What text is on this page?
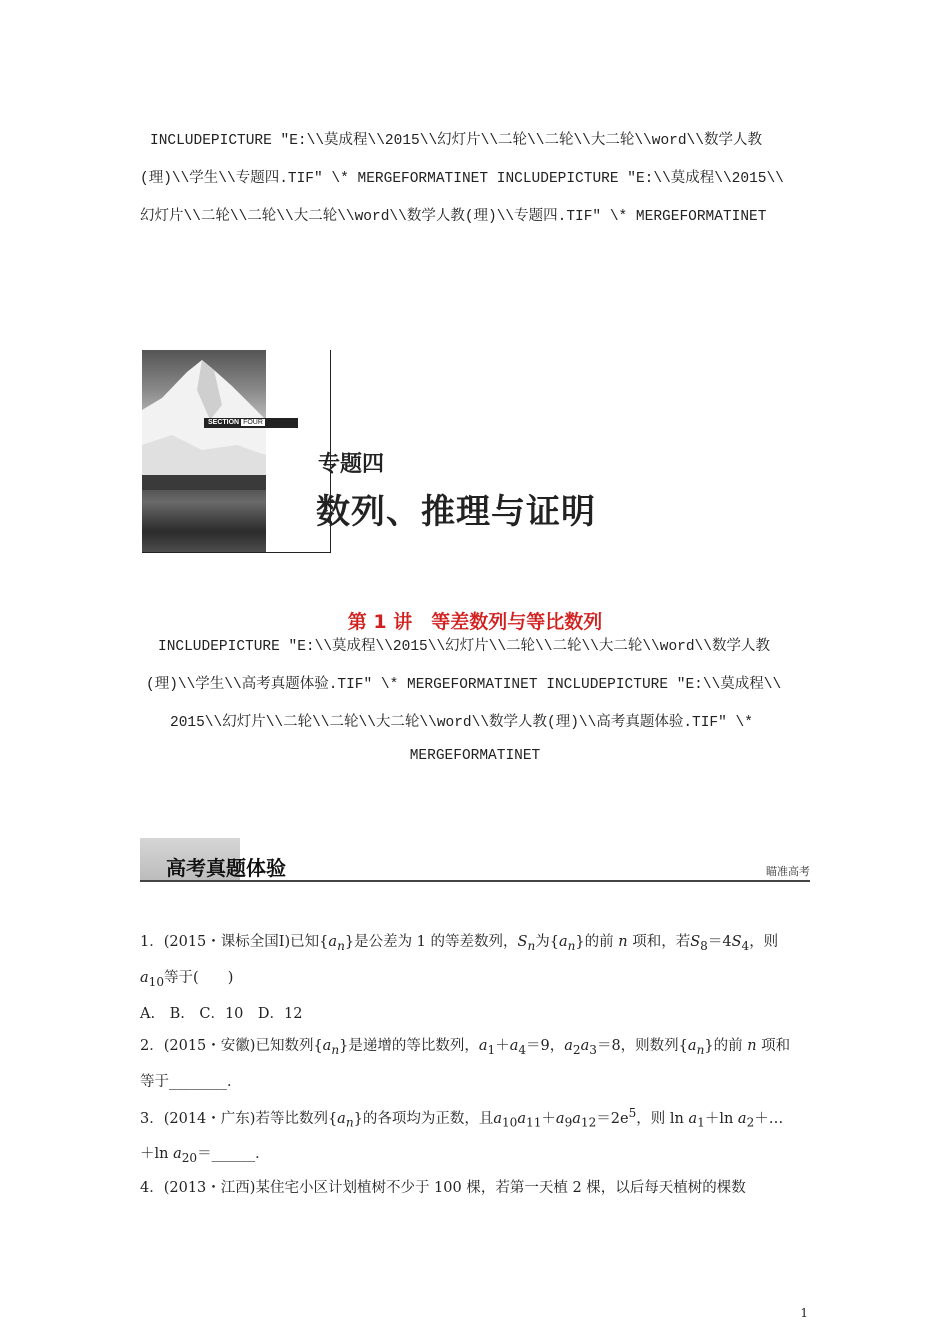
INCLUDEPICTURE "E:\\莫成程\\2015\\幻灯片\\二轮\\二轮\\大二轮\\word\\数学人教
(理)\\学生\\专题四.TIF" \* MERGEFORMATINET INCLUDEPICTURE "E:\\莫成程\\2015\\
幻灯片\\二轮\\二轮\\大二轮\\word\\数学人教(理)\\专题四.TIF" \* MERGEFORMATINET
SECTION FOUR
专题四
数列、推理与证明
第 1 讲　等差数列与等比数列
INCLUDEPICTURE "E:\\莫成程\\2015\\幻灯片\\二轮\\二轮\\大二轮\\word\\数学人教
(理)\\学生\\高考真题体验.TIF" \* MERGEFORMATINET INCLUDEPICTURE "E:\\莫成程\\
2015\\幻灯片\\二轮\\二轮\\大二轮\\word\\数学人教(理)\\高考真题体验.TIF" \*
MERGEFORMATINET
高考真题体验	瞄准高考
1．(2015・课标全国Ⅰ)已知$\{a_n\}$是公差为 1 的等差数列，$S_n$为$\{a_n\}$的前 n 项和，若$S_8=4S_4$，则
$a_{10}$等于(　　)
A.　B.　C．10　D．12
2．(2015・安徽)已知数列$\{a_n\}$是递增的等比数列，$a_1+a_4=9$，$a_2a_3=8$，则数列$\{a_n\}$的前 n 项和
等于________．
3．(2014・广东)若等比数列$\{a_n\}$的各项均为正数，且$a_{10}a_{11}+a_9a_{12}=2e^5$，则 $\ln a_1+\ln$ $a_2+\dots$
＋ln $a_{20}=\_\_\_\_\_\_$．
4．(2013・江西)某住宅小区计划植树不少于 100 棵，若第一天植 2 棵，以后每天植树的棵数
1
